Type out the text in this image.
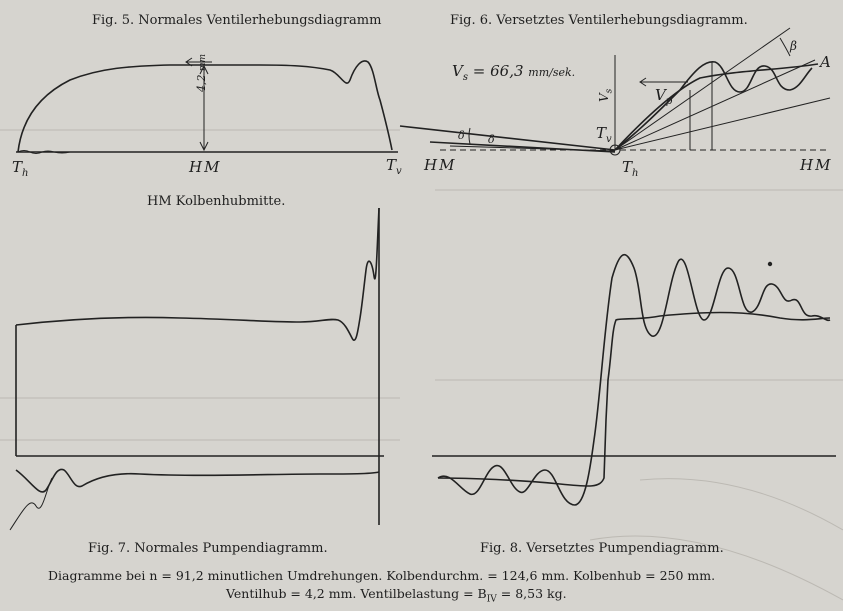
Fig. 5. Normales Ventilerhebungsdiagramm
$T_h$	HM	$T_v$
4,2 mm
HM Kolbenhubmitte.
Fig. 6. Versetztes Ventilerhebungsdiagramm.
$V_s = 66,3$ mm/sek.
A
$V_p$
$V_s$
β
δ δ	$T_v$
$T_h$
HM	HM
Fig. 7. Normales Pumpendiagramm.	Fig. 8. Versetztes Pumpendiagramm.
Diagramme bei n = 91,2 minutlichen Umdrehungen. Kolbendurchm. = 124,6 mm. Kolbenhub = 250 mm.
Ventilhub = 4,2 mm. Ventilbelastung = $B_{IV} = 8,53$ kg.
